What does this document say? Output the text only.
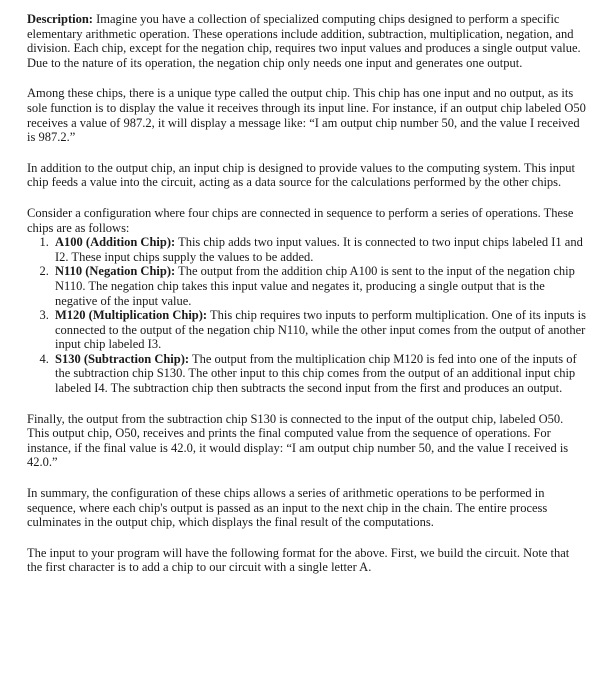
Description: Imagine you have a collection of specialized computing chips designed to perform a specific elementary arithmetic operation. These operations include addition, subtraction, multiplication, negation, and division. Each chip, except for the negation chip, requires two input values and produces a single output value. Due to the nature of its operation, the negation chip only needs one input and generates one output.

Among these chips, there is a unique type called the output chip. This chip has one input and no output, as its sole function is to display the value it receives through its input line. For instance, if an output chip labeled O50 receives a value of 987.2, it will display a message like: “I am output chip number 50, and the value I received is 987.2.”

In addition to the output chip, an input chip is designed to provide values to the computing system. This input chip feeds a value into the circuit, acting as a data source for the calculations performed by the other chips.

Consider a configuration where four chips are connected in sequence to perform a series of operations. These chips are as follows:

1. A100 (Addition Chip): This chip adds two input values. It is connected to two input chips labeled I1 and I2. These input chips supply the values to be added.
2. N110 (Negation Chip): The output from the addition chip A100 is sent to the input of the negation chip N110. The negation chip takes this input value and negates it, producing a single output that is the negative of the input value.
3. M120 (Multiplication Chip): This chip requires two inputs to perform multiplication. One of its inputs is connected to the output of the negation chip N110, while the other input comes from the output of another input chip labeled I3.
4. S130 (Subtraction Chip): The output from the multiplication chip M120 is fed into one of the inputs of the subtraction chip S130. The other input to this chip comes from the output of an additional input chip labeled I4. The subtraction chip then subtracts the second input from the first and produces an output.

Finally, the output from the subtraction chip S130 is connected to the input of the output chip, labeled O50. This output chip, O50, receives and prints the final computed value from the sequence of operations. For instance, if the final value is 42.0, it would display: “I am output chip number 50, and the value I received is 42.0.”

In summary, the configuration of these chips allows a series of arithmetic operations to be performed in sequence, where each chip's output is passed as an input to the next chip in the chain. The entire process culminates in the output chip, which displays the final result of the computations.

The input to your program will have the following format for the above. First, we build the circuit. Note that the first character is to add a chip to our circuit with a single letter A.
